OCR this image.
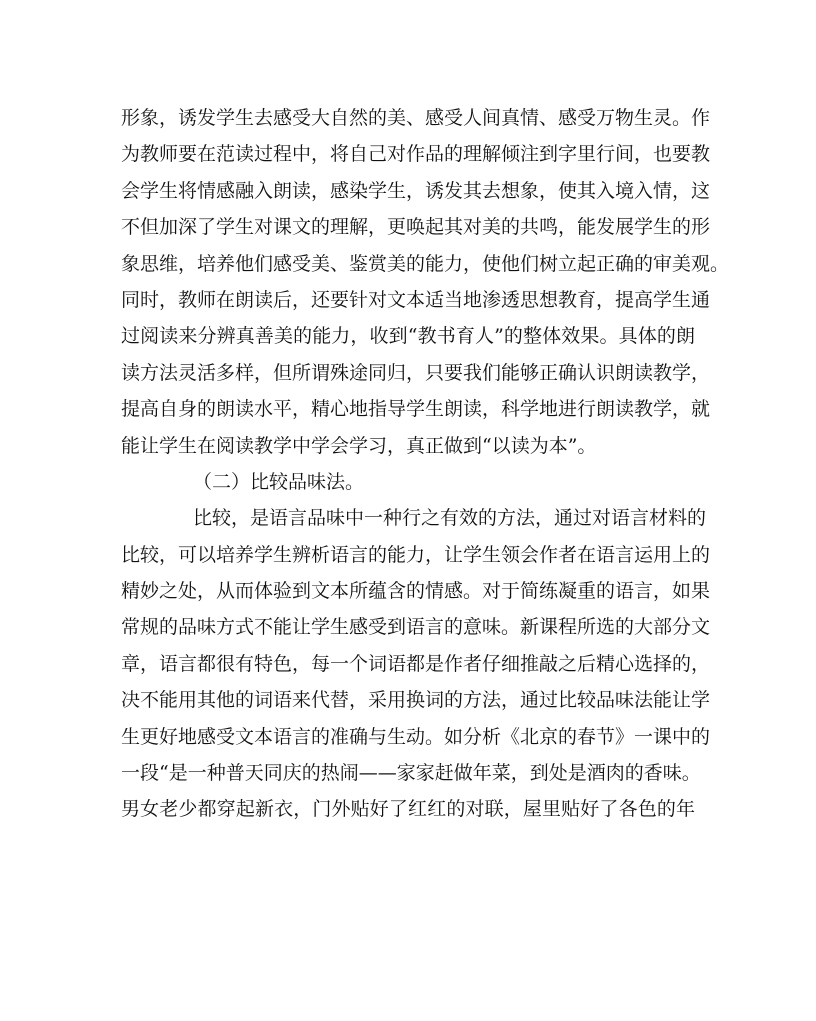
形象，诱发学生去感受大自然的美、感受人间真情、感受万物生灵。作
为教师要在范读过程中，将自己对作品的理解倾注到字里行间，也要教
会学生将情感融入朗读，感染学生，诱发其去想象，使其入境入情，这
不但加深了学生对课文的理解，更唤起其对美的共鸣，能发展学生的形
象思维，培养他们感受美、鉴赏美的能力，使他们树立起正确的审美观。
同时，教师在朗读后，还要针对文本适当地渗透思想教育，提高学生通
过阅读来分辨真善美的能力，收到“教书育人”的整体效果。具体的朗
读方法灵活多样，但所谓殊途同归，只要我们能够正确认识朗读教学，
提高自身的朗读水平，精心地指导学生朗读，科学地进行朗读教学，就
能让学生在阅读教学中学会学习，真正做到“以读为本”。
（二）比较品味法。
比较，是语言品味中一种行之有效的方法，通过对语言材料的
比较，可以培养学生辨析语言的能力，让学生领会作者在语言运用上的
精妙之处，从而体验到文本所蕴含的情感。对于简练凝重的语言，如果
常规的品味方式不能让学生感受到语言的意味。新课程所选的大部分文
章，语言都很有特色，每一个词语都是作者仔细推敲之后精心选择的，
决不能用其他的词语来代替，采用换词的方法，通过比较品味法能让学
生更好地感受文本语言的准确与生动。如分析《北京的春节》一课中的
一段“是一种普天同庆的热闹——家家赶做年菜，到处是酒肉的香味。
男女老少都穿起新衣，门外贴好了红红的对联，屋里贴好了各色的年
